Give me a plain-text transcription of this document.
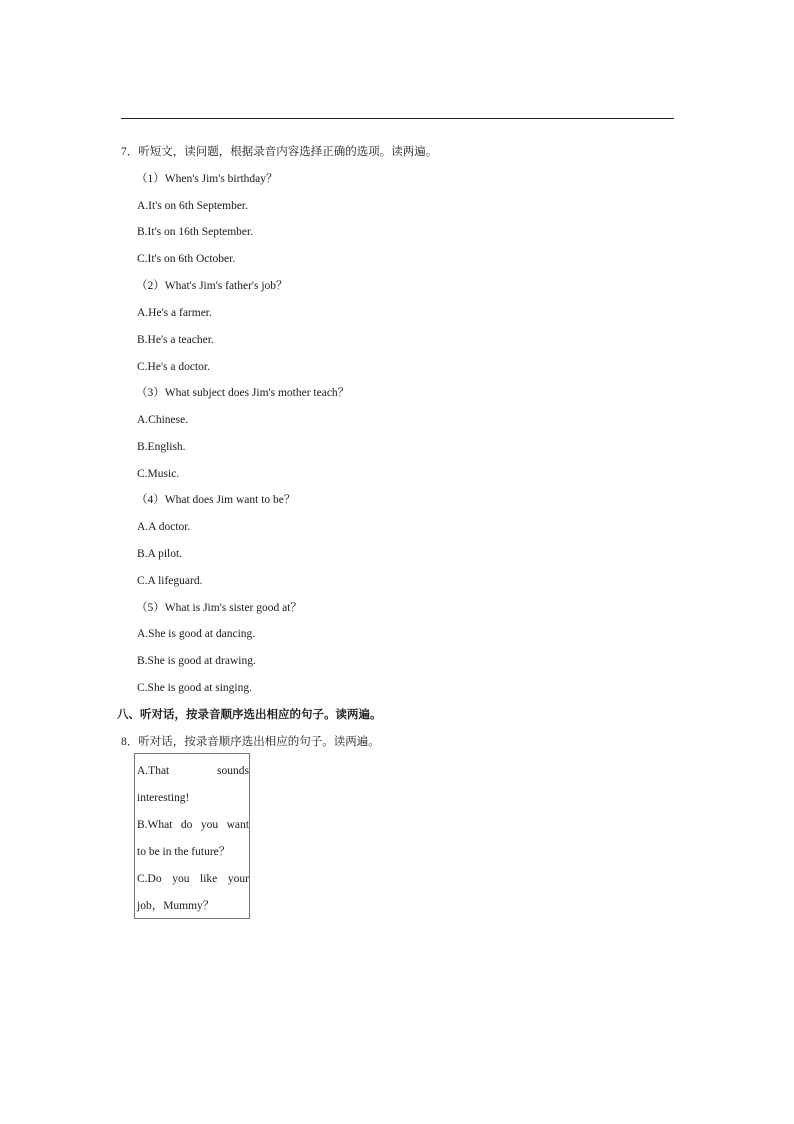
7．听短文，读问题，根据录音内容选择正确的选项。读两遍。
（1）When's Jim's birthday？
A.It's on 6th September.
B.It's on 16th September.
C.It's on 6th October.
（2）What's Jim's father's job？
A.He's a farmer.
B.He's a teacher.
C.He's a doctor.
（3）What subject does Jim's mother teach？
A.Chinese.
B.English.
C.Music.
（4）What does Jim want to be？
A.A doctor.
B.A pilot.
C.A lifeguard.
（5）What is Jim's sister good at？
A.She is good at dancing.
B.She is good at drawing.
C.She is good at singing.
八、听对话，按录音顺序选出相应的句子。读两遍。
8．听对话，按录音顺序选出相应的句子。读两遍。
A.That	sounds
interesting!
B.What do you want
to be in the future？
C.Do you like your
job，Mummy？
